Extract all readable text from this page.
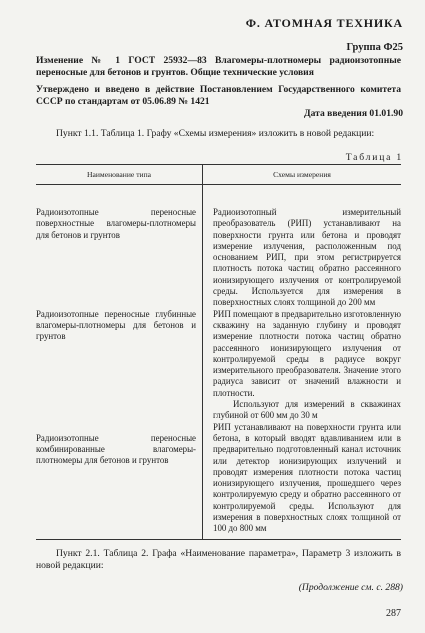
Ф. АТОМНАЯ ТЕХНИКА
Группа Ф25
Изменение № 1 ГОСТ 25932—83 Влагомеры-плотномеры радиоизотопные переносные для бетонов и грунтов. Общие технические условия
Утверждено и введено в действие Постановлением Государственного комитета СССР по стандартам от 05.06.89 № 1421
Дата введения 01.01.90
Пункт 1.1. Таблица 1. Графу «Схемы измерения» изложить в новой редакции:
Таблица 1
Наименование типа	Схемы измерения

Радиоизотопные переносные поверхностные влагомеры-плотномеры для бетонов и грунтов	Радиоизотопный измерительный преобразователь (РИП) устанавливают на поверхности грунта или бетона и проводят измерение излучения, расположенным под основанием РИП, при этом регистрируется плотность потока частиц обратно рассеянного ионизирующего излучения от контролируемой среды. Используется для измерения в поверхностных слоях толщиной до 200 мм
Радиоизотопные переносные глубинные влагомеры-плотномеры для бетонов и грунтов	РИП помещают в предварительно изготовленную скважину на заданную глубину и проводят измерение плотности потока частиц обратно рассеянного ионизирующего излучения от контролируемой среды в радиусе вокруг измерительного преобразователя. Значение этого радиуса зависит от значений влажности и плотности.
Используют для измерений в скважинах глубиной от 600 мм до 30 м

Радиоизотопные переносные комбинированные влагомеры-плотномеры для бетонов и грунтов	РИП устанавливают на поверхности грунта или бетона, в который вводят вдавливанием или в предварительно подготовленный канал источник или детектор ионизирующих излучений и проводят измерения плотности потока частиц ионизирующего излучения, прошедшего через контролируемую среду и обратно рассеянного от контролируемой среды. Используют для измерения в поверхностных слоях толщиной от 100 до 800 мм

Пункт 2.1. Таблица 2. Графа «Наименование параметра», Параметр 3 изложить в новой редакции:
(Продолжение см. с. 288)
287
